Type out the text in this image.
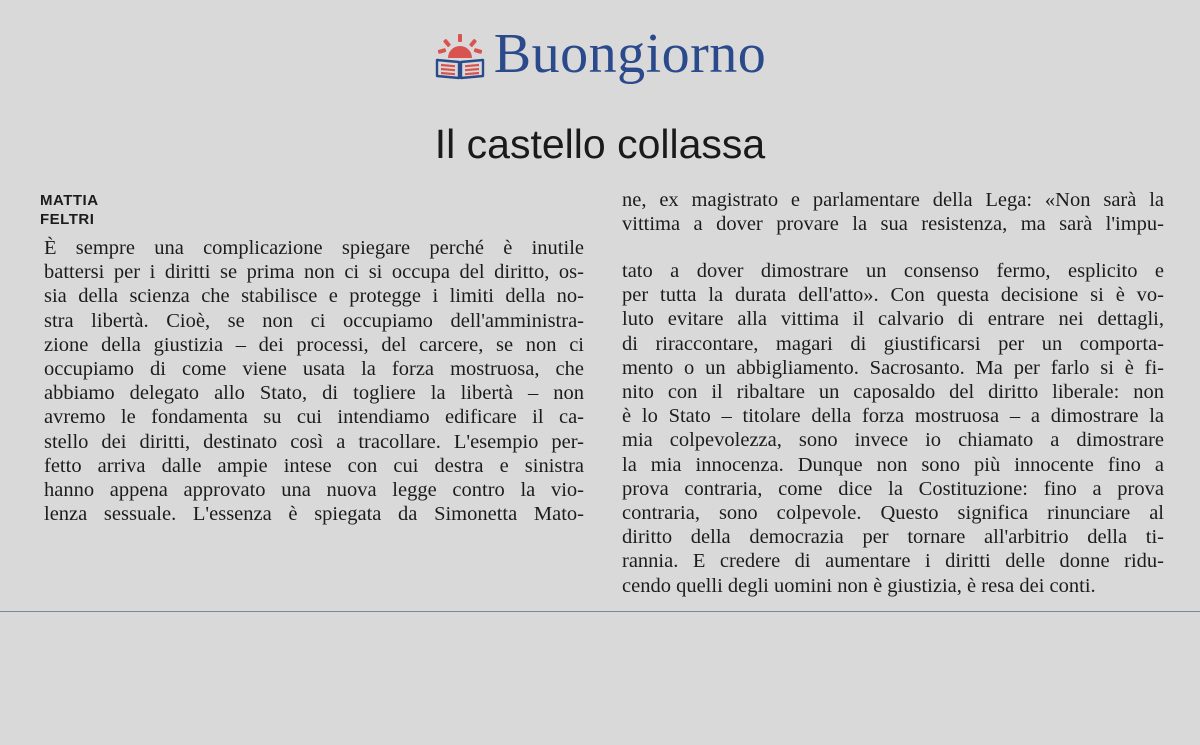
Buongiorno
Il castello collassa
MATTIA
FELTRI
È sempre una complicazione spiegare perché è inutile
battersi per i diritti se prima non ci si occupa del diritto, os-
sia della scienza che stabilisce e protegge i limiti della no-
stra libertà. Cioè, se non ci occupiamo dell'amministra-
zione della giustizia – dei processi, del carcere, se non ci
occupiamo di come viene usata la forza mostruosa, che
abbiamo delegato allo Stato, di togliere la libertà – non
avremo le fondamenta su cui intendiamo edificare il ca-
stello dei diritti, destinato così a tracollare. L'esempio per-
fetto arriva dalle ampie intese con cui destra e sinistra
hanno appena approvato una nuova legge contro la vio-
lenza sessuale. L'essenza è spiegata da Simonetta Mato-
ne, ex magistrato e parlamentare della Lega: «Non sarà la
vittima a dover provare la sua resistenza, ma sarà l'impu-
tato a dover dimostrare un consenso fermo, esplicito e
per tutta la durata dell'atto». Con questa decisione si è vo-
luto evitare alla vittima il calvario di entrare nei dettagli,
di riraccontare, magari di giustificarsi per un comporta-
mento o un abbigliamento. Sacrosanto. Ma per farlo si è fi-
nito con il ribaltare un caposaldo del diritto liberale: non
è lo Stato – titolare della forza mostruosa – a dimostrare la
mia colpevolezza, sono invece io chiamato a dimostrare
la mia innocenza. Dunque non sono più innocente fino a
prova contraria, come dice la Costituzione: fino a prova
contraria, sono colpevole. Questo significa rinunciare al
diritto della democrazia per tornare all'arbitrio della ti-
rannia. E credere di aumentare i diritti delle donne ridu-
cendo quelli degli uomini non è giustizia, è resa dei conti.
